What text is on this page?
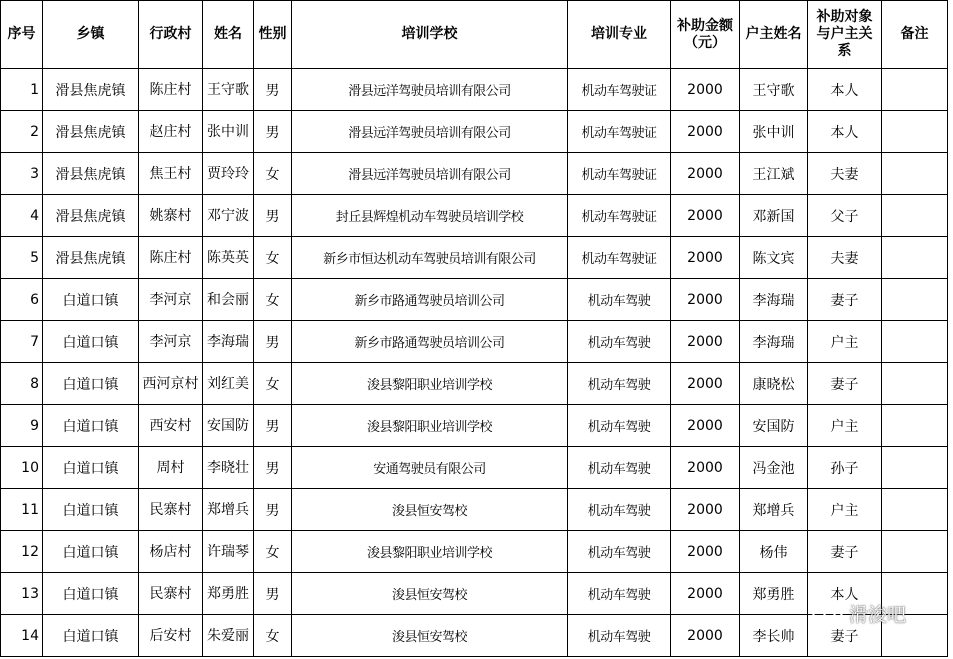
序号	乡镇	行政村	姓名	性别	培训学校	培训专业	补助金额（元）	户主姓名	补助对象与户主关系	备注
1	滑县焦虎镇	陈庄村	王守歌	男	滑县远洋驾驶员培训有限公司	机动车驾驶证	2000	王守歌	本人	
2	滑县焦虎镇	赵庄村	张中训	男	滑县远洋驾驶员培训有限公司	机动车驾驶证	2000	张中训	本人	
3	滑县焦虎镇	焦王村	贾玲玲	女	滑县远洋驾驶员培训有限公司	机动车驾驶证	2000	王江斌	夫妻	
4	滑县焦虎镇	姚寨村	邓宁波	男	封丘县辉煌机动车驾驶员培训学校	机动车驾驶证	2000	邓新国	父子	
5	滑县焦虎镇	陈庄村	陈英英	女	新乡市恒达机动车驾驶员培训有限公司	机动车驾驶证	2000	陈文宾	夫妻	
6	白道口镇	李河京	和会丽	女	新乡市路通驾驶员培训公司	机动车驾驶	2000	李海瑞	妻子	
7	白道口镇	李河京	李海瑞	男	新乡市路通驾驶员培训公司	机动车驾驶	2000	李海瑞	户主	
8	白道口镇	西河京村	刘红美	女	浚县黎阳职业培训学校	机动车驾驶	2000	康晓松	妻子	
9	白道口镇	西安村	安国防	男	浚县黎阳职业培训学校	机动车驾驶	2000	安国防	户主	
10	白道口镇	周村	李晓壮	男	安通驾驶员有限公司	机动车驾驶	2000	冯金池	孙子	
11	白道口镇	民寨村	郑增兵	男	浚县恒安驾校	机动车驾驶	2000	郑增兵	户主	
12	白道口镇	杨店村	许瑞琴	女	浚县黎阳职业培训学校	机动车驾驶	2000	杨伟	妻子	
13	白道口镇	民寨村	郑勇胜	男	浚县恒安驾校	机动车驾驶	2000	郑勇胜	本人	
14	白道口镇	后安村	朱爱丽	女	浚县恒安驾校	机动车驾驶	2000	李长帅	妻子	
滑浚吧
